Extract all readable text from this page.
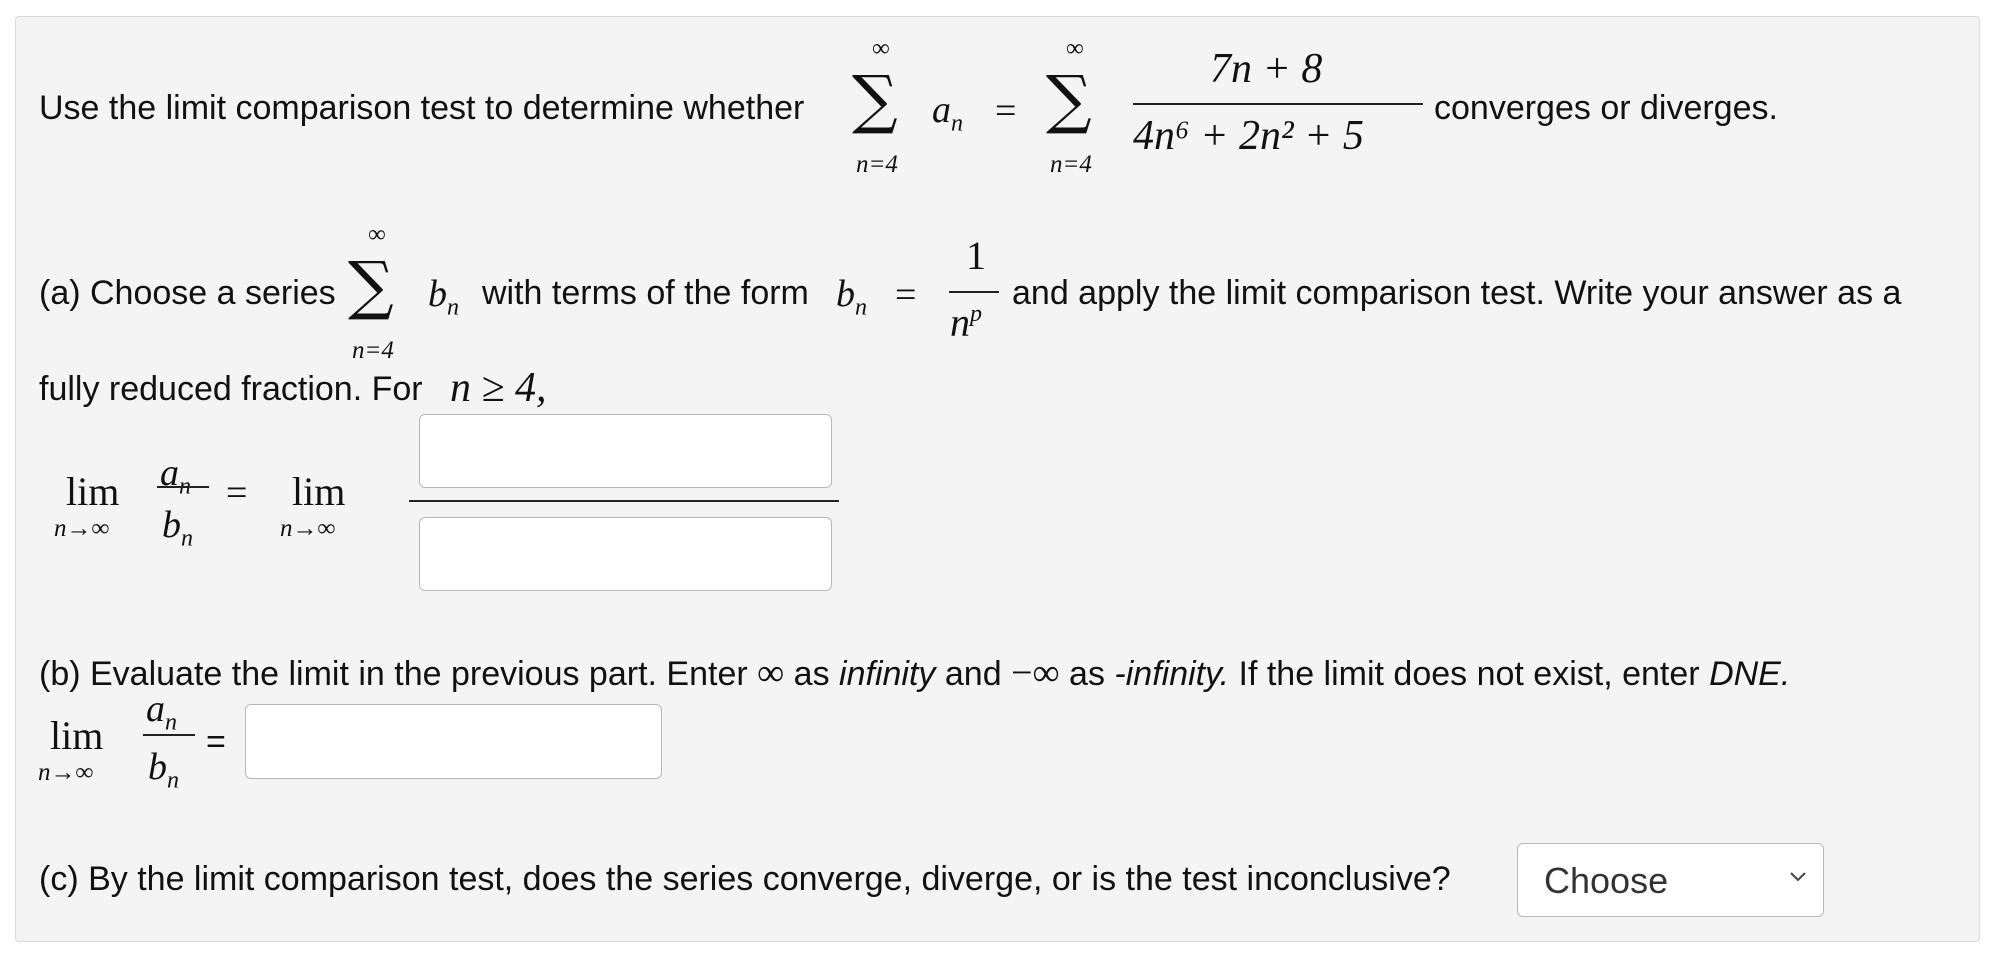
Use the limit comparison test to determine whether
∞
∑
n=4
$a_n$ =
∞
∑
n=4
7n + 8
4n⁶ + 2n² + 5
converges or diverges.
(a) Choose a series
∞
∑
n=4
$b_n$ with terms of the form $b_n$ =
1
$n^p$
and apply the limit comparison test. Write your answer as a
fully reduced fraction. For n ≥ 4,
lim
n→∞
$a_n$
$b_n$
= lim
n→∞
(b) Evaluate the limit in the previous part. Enter ∞ as infinity and −∞ as -infinity. If the limit does not exist, enter DNE.
lim
n→∞
$a_n$
$b_n$
=
(c) By the limit comparison test, does the series converge, diverge, or is the test inconclusive?	Choose
